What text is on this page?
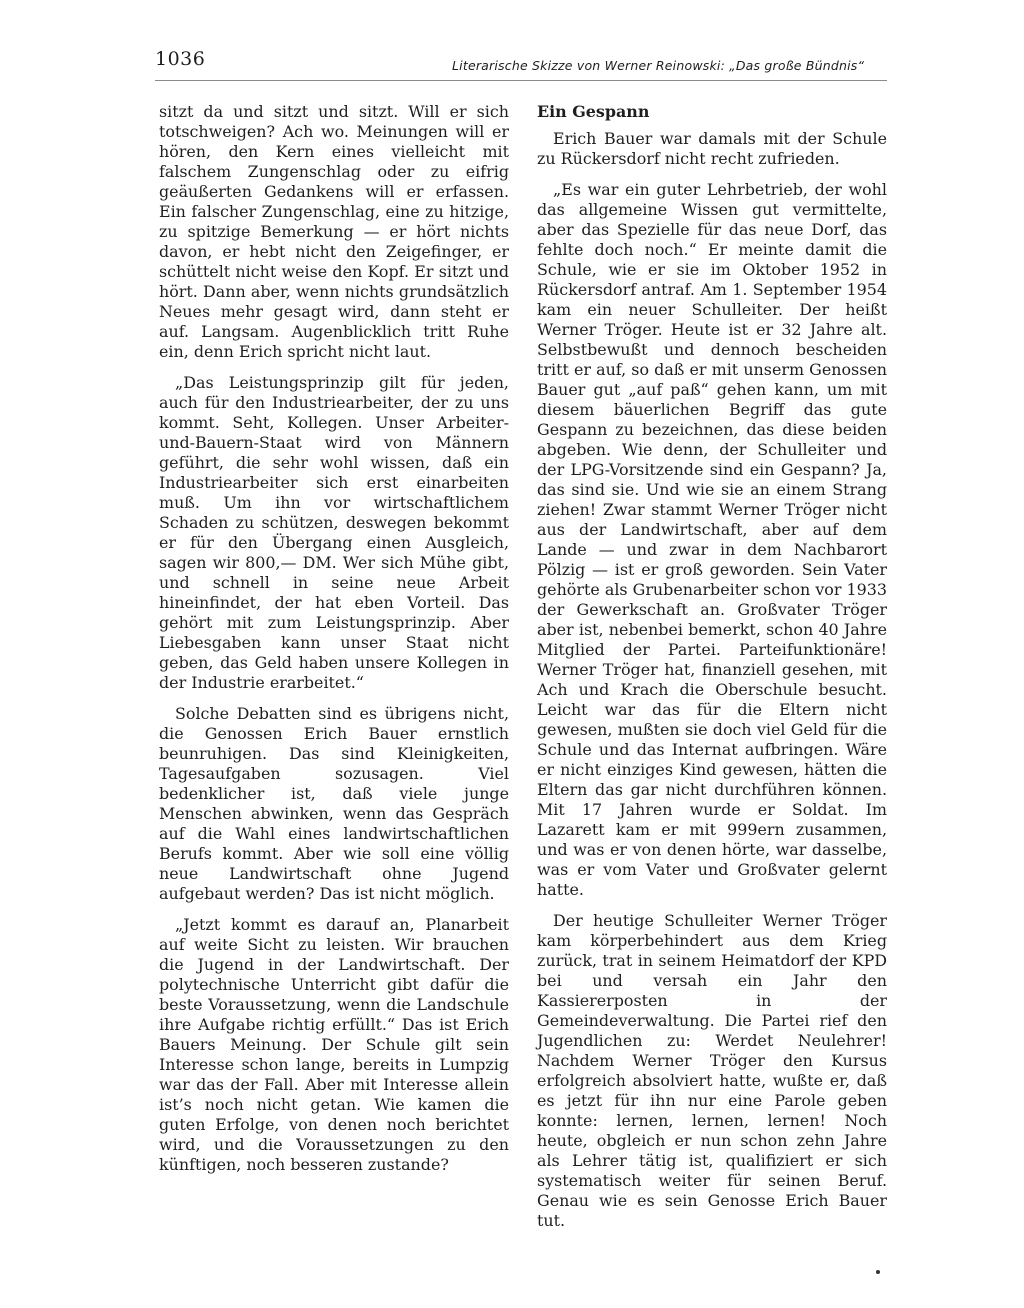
1036	Literarische Skizze von Werner Reinowski: „Das große Bündnis“

sitzt da und sitzt und sitzt. Will er sich totschweigen? Ach wo. Meinungen will er hören, den Kern eines vielleicht mit falschem Zungenschlag oder zu eifrig geäußerten Gedankens will er erfassen. Ein falscher Zungenschlag, eine zu hitzige, zu spitzige Bemerkung — er hört nichts davon, er hebt nicht den Zeigefinger, er schüttelt nicht weise den Kopf. Er sitzt und hört. Dann aber, wenn nichts grundsätzlich Neues mehr gesagt wird, dann steht er auf. Langsam. Augenblicklich tritt Ruhe ein, denn Erich spricht nicht laut.

„Das Leistungsprinzip gilt für jeden, auch für den Industriearbeiter, der zu uns kommt. Seht, Kollegen. Unser Arbeiter-und-Bauern-Staat wird von Männern geführt, die sehr wohl wissen, daß ein Industriearbeiter sich erst einarbeiten muß. Um ihn vor wirtschaftlichem Schaden zu schützen, deswegen bekommt er für den Übergang einen Ausgleich, sagen wir 800,— DM. Wer sich Mühe gibt, und schnell in seine neue Arbeit hineinfindet, der hat eben Vorteil. Das gehört mit zum Leistungsprinzip. Aber Liebesgaben kann unser Staat nicht geben, das Geld haben unsere Kollegen in der Industrie erarbeitet.“

Solche Debatten sind es übrigens nicht, die Genossen Erich Bauer ernstlich beunruhigen. Das sind Kleinigkeiten, Tagesaufgaben sozusagen. Viel bedenklicher ist, daß viele junge Menschen abwinken, wenn das Gespräch auf die Wahl eines landwirtschaftlichen Berufs kommt. Aber wie soll eine völlig neue Landwirtschaft ohne Jugend aufgebaut werden? Das ist nicht möglich.

„Jetzt kommt es darauf an, Planarbeit auf weite Sicht zu leisten. Wir brauchen die Jugend in der Landwirtschaft. Der polytechnische Unterricht gibt dafür die beste Voraussetzung, wenn die Landschule ihre Aufgabe richtig erfüllt.“ Das ist Erich Bauers Meinung. Der Schule gilt sein Interesse schon lange, bereits in Lumpzig war das der Fall. Aber mit Interesse allein ist’s noch nicht getan. Wie kamen die guten Erfolge, von denen noch berichtet wird, und die Voraussetzungen zu den künftigen, noch besseren zustande?

Ein Gespann

Erich Bauer war damals mit der Schule zu Rückersdorf nicht recht zufrieden.

„Es war ein guter Lehrbetrieb, der wohl das allgemeine Wissen gut vermittelte, aber das Spezielle für das neue Dorf, das fehlte doch noch.“ Er meinte damit die Schule, wie er sie im Oktober 1952 in Rückersdorf antraf. Am 1. September 1954 kam ein neuer Schulleiter. Der heißt Werner Tröger. Heute ist er 32 Jahre alt. Selbstbewußt und dennoch bescheiden tritt er auf, so daß er mit unserm Genossen Bauer gut „auf paß“ gehen kann, um mit diesem bäuerlichen Begriff das gute Gespann zu bezeichnen, das diese beiden abgeben. Wie denn, der Schulleiter und der LPG-Vorsitzende sind ein Gespann? Ja, das sind sie. Und wie sie an einem Strang ziehen! Zwar stammt Werner Tröger nicht aus der Landwirtschaft, aber auf dem Lande — und zwar in dem Nachbarort Pölzig — ist er groß geworden. Sein Vater gehörte als Grubenarbeiter schon vor 1933 der Gewerkschaft an. Großvater Tröger aber ist, nebenbei bemerkt, schon 40 Jahre Mitglied der Partei. Parteifunktionäre! Werner Tröger hat, finanziell gesehen, mit Ach und Krach die Oberschule besucht. Leicht war das für die Eltern nicht gewesen, mußten sie doch viel Geld für die Schule und das Internat aufbringen. Wäre er nicht einziges Kind gewesen, hätten die Eltern das gar nicht durchführen können. Mit 17 Jahren wurde er Soldat. Im Lazarett kam er mit 999ern zusammen, und was er von denen hörte, war dasselbe, was er vom Vater und Großvater gelernt hatte.

Der heutige Schulleiter Werner Tröger kam körperbehindert aus dem Krieg zurück, trat in seinem Heimatdorf der KPD bei und versah ein Jahr den Kassiererposten in der Gemeindeverwaltung. Die Partei rief den Jugendlichen zu: Werdet Neulehrer! Nachdem Werner Tröger den Kursus erfolgreich absolviert hatte, wußte er, daß es jetzt für ihn nur eine Parole geben konnte: lernen, lernen, lernen! Noch heute, obgleich er nun schon zehn Jahre als Lehrer tätig ist, qualifiziert er sich systematisch weiter für seinen Beruf. Genau wie es sein Genosse Erich Bauer tut.
